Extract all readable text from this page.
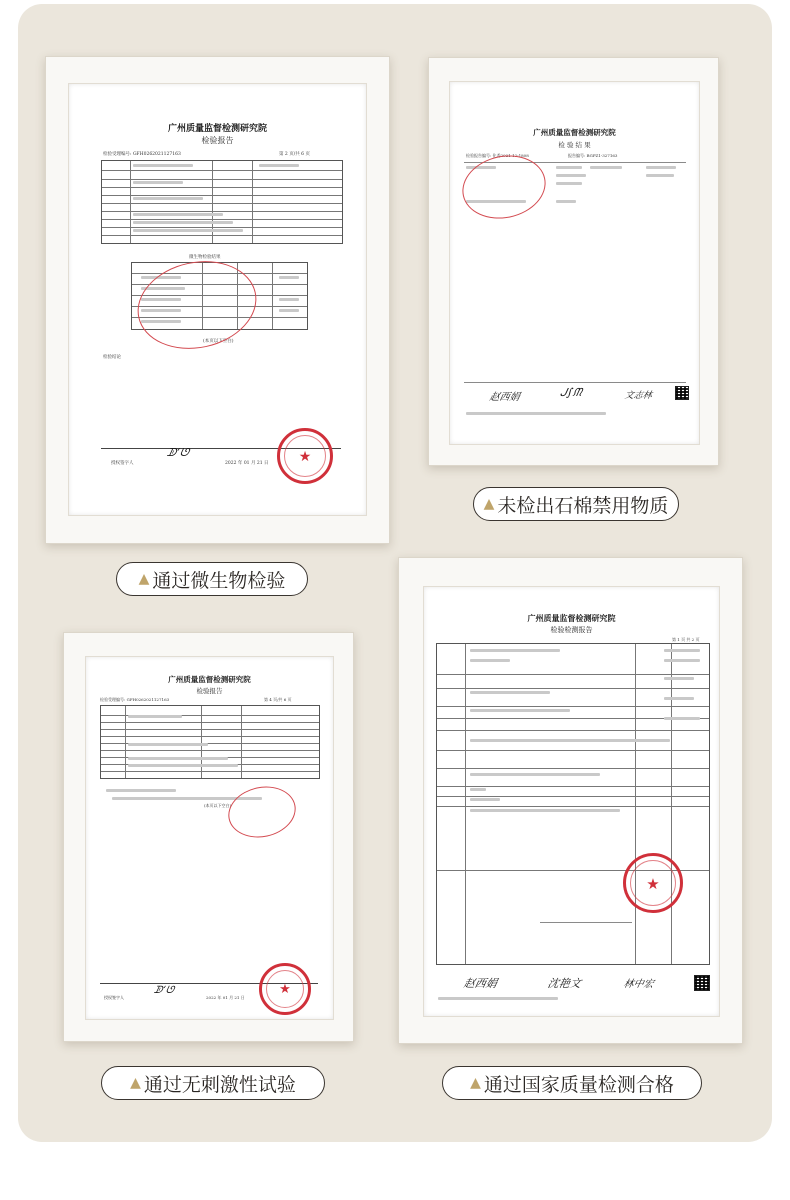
广州质量监督检测研究院
检验报告
检验受理编号: GFH0262021127163	第 2 页/共 6 页
微生物检验结果
(本页以下空白)
检验结论
授权签字人
ᗫ‘ᘎ
2022 年 01 月 21 日	★
广州质量监督检测研究院
检 验 结 果
检验报告编号: 化委2021-12-1808	报告编号: BGPZ1-327163
赵西娟	ᒍ∫ᙏ	文志林
广州质量监督检测研究院
检验报告
检验受理编号: GFH0262021127163	第 4 页/共 6 页
(本页以下空白)
授权签字人
ᗫ‘ᘎ
2022 年 01 月 21 日
★
广州质量监督检测研究院
检验检测报告
第 1 页 共 2 页
★
赵西娟	沈艳文	林中宏
▲ 通过微生物检验
▲ 未检出石棉禁用物质
▲ 通过无刺激性试验	▲ 通过国家质量检测合格
